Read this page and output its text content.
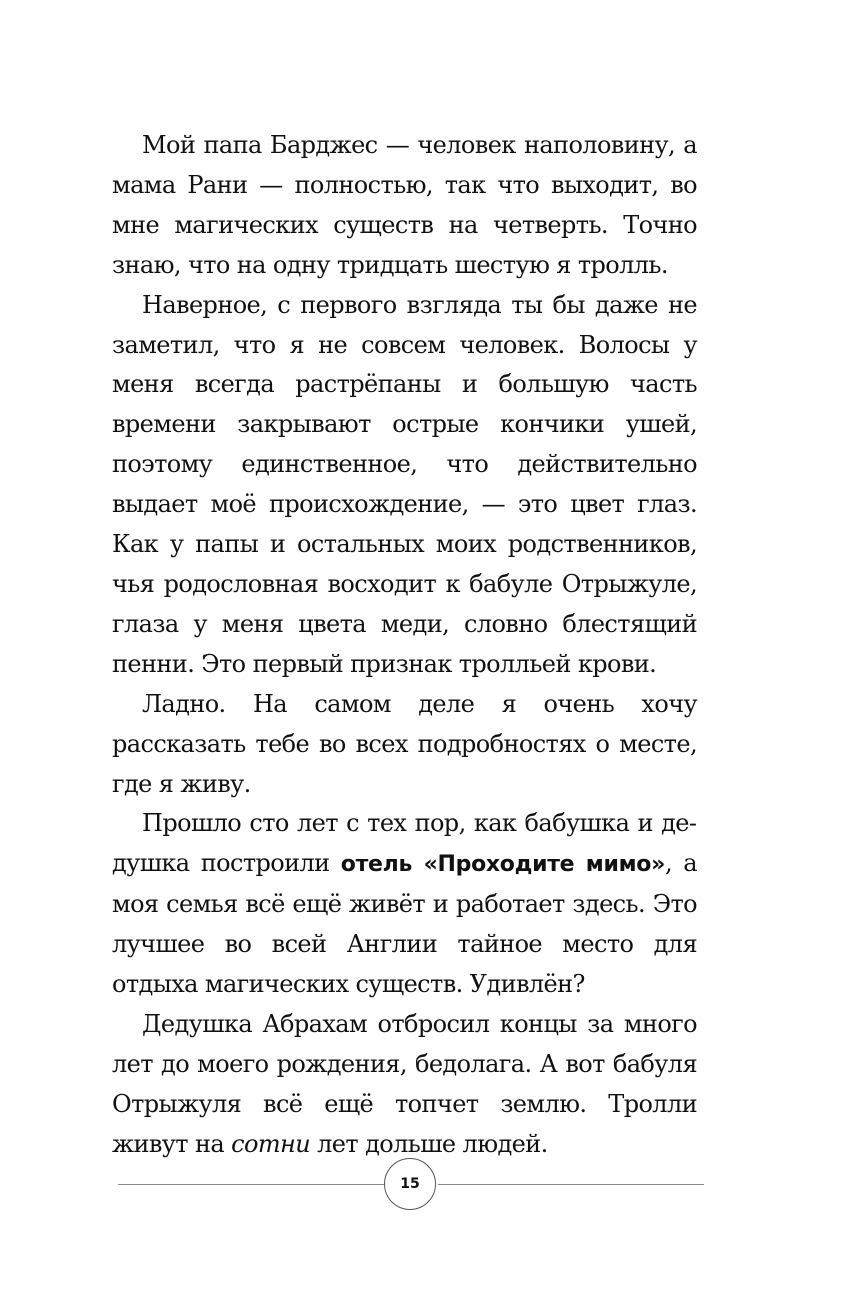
Мой папа Барджес — человек наполовину, а мама Рани — полностью, так что выходит, во мне магических существ на четверть. Точно знаю, что на одну тридцать шестую я тролль.

Наверное, с первого взгляда ты бы даже не заметил, что я не совсем человек. Волосы у меня всегда растрёпаны и большую часть времени закрывают острые кончики ушей, поэтому единственное, что действительно выдает моё происхождение, — это цвет глаз. Как у папы и остальных моих родственников, чья родословная восходит к бабуле Отрыжуле, глаза у меня цвета меди, словно блестящий пенни. Это первый признак тролльей крови.

Ладно. На самом деле я очень хочу рассказать тебе во всех подробностях о месте, где я живу.

Прошло сто лет с тех пор, как бабушка и дедушка построили отель «Проходите мимо», а моя семья всё ещё живёт и работает здесь. Это лучшее во всей Англии тайное место для отдыха магических существ. Удивлён?

Дедушка Абрахам отбросил концы за много лет до моего рождения, бедолага. А вот бабуля Отрыжуля всё ещё топчет землю. Тролли живут на сотни лет дольше людей.

15
